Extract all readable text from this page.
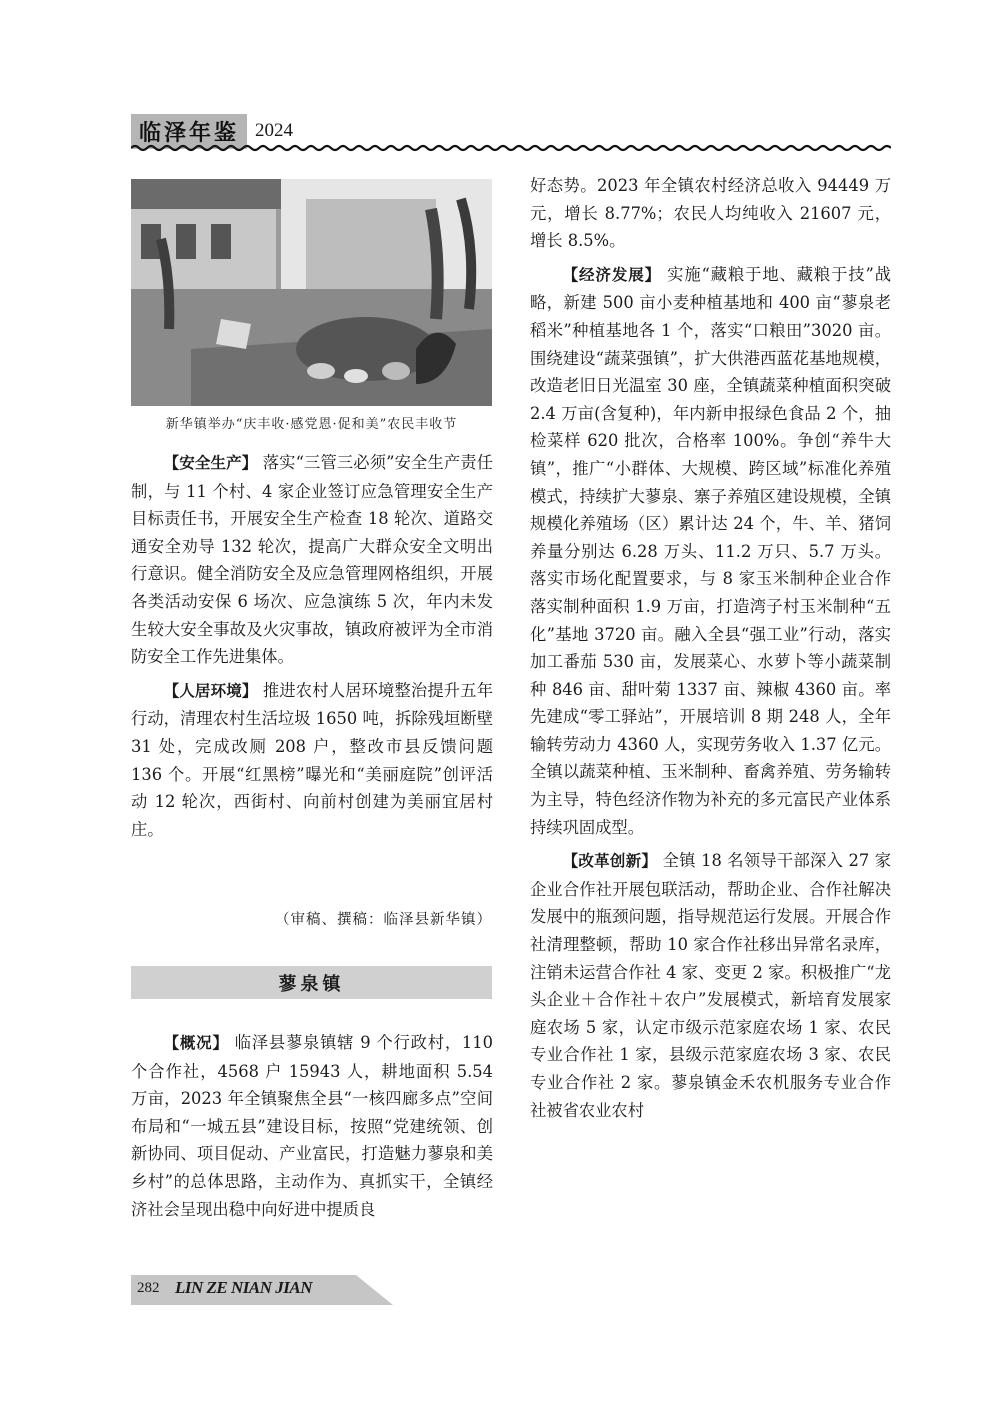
临泽年鉴 2024
新华镇举办“庆丰收·感党恩·促和美”农民丰收节

【安全生产】 落实“三管三必须”安全生产责任制，与 11 个村、4 家企业签订应急管理安全生产目标责任书，开展安全生产检查 18 轮次、道路交通安全劝导 132 轮次，提高广大群众安全文明出行意识。健全消防安全及应急管理网格组织，开展各类活动安保 6 场次、应急演练 5 次，年内未发生较大安全事故及火灾事故，镇政府被评为全市消防安全工作先进集体。

【人居环境】 推进农村人居环境整治提升五年行动，清理农村生活垃圾 1650 吨，拆除残垣断壁 31 处，完成改厕 208 户，整改市县反馈问题 136 个。开展“红黑榜”曝光和“美丽庭院”创评活动 12 轮次，西街村、向前村创建为美丽宜居村庄。

（审稿、撰稿：临泽县新华镇）
蓼泉镇

【概况】 临泽县蓼泉镇辖 9 个行政村，110 个合作社，4568 户 15943 人，耕地面积 5.54 万亩，2023 年全镇聚焦全县“一核四廊多点”空间布局和“一城五县”建设目标，按照“党建统领、创新协同、项目促动、产业富民，打造魅力蓼泉和美乡村”的总体思路，主动作为、真抓实干，全镇经济社会呈现出稳中向好进中提质良

好态势。2023 年全镇农村经济总收入 94449 万元，增长 8.77%；农民人均纯收入 21607 元，增长 8.5%。

【经济发展】 实施“藏粮于地、藏粮于技”战略，新建 500 亩小麦种植基地和 400 亩“蓼泉老稻米”种植基地各 1 个，落实“口粮田”3020 亩。围绕建设“蔬菜强镇”，扩大供港西蓝花基地规模，改造老旧日光温室 30 座，全镇蔬菜种植面积突破 2.4 万亩(含复种)，年内新申报绿色食品 2 个，抽检菜样 620 批次，合格率 100%。争创“养牛大镇”，推广“小群体、大规模、跨区域”标准化养殖模式，持续扩大蓼泉、寨子养殖区建设规模，全镇规模化养殖场（区）累计达 24 个，牛、羊、猪饲养量分别达 6.28 万头、11.2 万只、5.7 万头。落实市场化配置要求，与 8 家玉米制种企业合作落实制种面积 1.9 万亩，打造湾子村玉米制种“五化”基地 3720 亩。融入全县“强工业”行动，落实加工番茄 530 亩，发展菜心、水萝卜等小蔬菜制种 846 亩、甜叶菊 1337 亩、辣椒 4360 亩。率先建成“零工驿站”，开展培训 8 期 248 人，全年输转劳动力 4360 人，实现劳务收入 1.37 亿元。全镇以蔬菜种植、玉米制种、畜禽养殖、劳务输转为主导，特色经济作物为补充的多元富民产业体系持续巩固成型。

【改革创新】 全镇 18 名领导干部深入 27 家企业合作社开展包联活动，帮助企业、合作社解决发展中的瓶颈问题，指导规范运行发展。开展合作社清理整顿，帮助 10 家合作社移出异常名录库，注销未运营合作社 4 家、变更 2 家。积极推广“龙头企业＋合作社＋农户”发展模式，新培育发展家庭农场 5 家，认定市级示范家庭农场 1 家、农民专业合作社 1 家，县级示范家庭农场 3 家、农民专业合作社 2 家。蓼泉镇金禾农机服务专业合作社被省农业农村

282 LIN ZE NIAN JIAN
